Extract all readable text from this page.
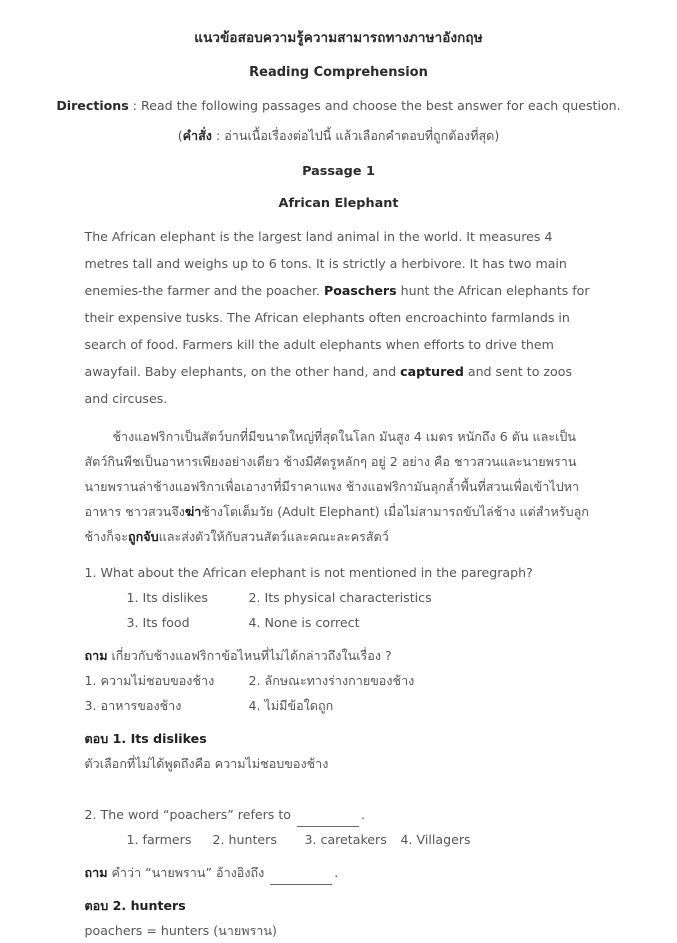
แนวข้อสอบความรู้ความสามารถทางภาษาอังกฤษ
Reading Comprehension

Directions : Read the following passages and choose the best answer for each question.

(คำสั่ง : อ่านเนื้อเรื่องต่อไปนี้ แล้วเลือกคำตอบที่ถูกต้องที่สุด)

Passage 1
African Elephant

The African elephant is the largest land animal in the world. It measures 4 metres tall and weighs up to 6 tons. It is strictly a herbivore. It has two main enemies-the farmer and the poacher. Poaschers hunt the African elephants for their expensive tusks. The African elephants often encroachinto farmlands in search of food. Farmers kill the adult elephants when efforts to drive them awayfail. Baby elephants, on the other hand, and captured and sent to zoos and circuses.

ช้างแอฟริกาเป็นสัตว์บกที่มีขนาดใหญ่ที่สุดในโลก มันสูง 4 เมตร หนักถึง 6 ตัน และเป็นสัตว์กินพืชเป็นอาหารเพียงอย่างเดียว ช้างมีศัตรูหลักๆ อยู่ 2 อย่าง คือ ชาวสวนและนายพราน นายพรานล่าช้างแอฟริกาเพื่อเอางาที่มีราคาแพง ช้างแอฟริกามันลุกล้ำพื้นที่สวนเพื่อเข้าไปหาอาหาร ชาวสวนจึงฆ่าช้างโตเต็มวัย (Adult Elephant) เมื่อไม่สามารถขับไล่ช้าง แต่สำหรับลูกช้างก็จะถูกจับและส่งตัวให้กับสวนสัตว์และคณะละครสัตว์

1. What about the African elephant is not mentioned in the paregraph?

1. Its dislikes	2. Its physical characteristics

3. Its food	4. None is correct

ถาม เกี่ยวกับช้างแอฟริกาข้อไหนที่ไม่ได้กล่าวถึงในเรื่อง ?

1. ความไม่ชอบของช้าง	2. ลักษณะทางร่างกายของช้าง

3. อาหารของช้าง	4. ไม่มีข้อใดถูก

ตอบ 1. Its dislikes

ตัวเลือกที่ไม่ได้พูดถึงคือ ความไม่ชอบของช้าง

2. The word “poachers” refers to	.

1. farmers 2. hunters 3. caretakers 4. Villagers

ถาม คำว่า “นายพราน” อ้างอิงถึง	.

ตอบ 2. hunters

poachers = hunters (นายพราน)
